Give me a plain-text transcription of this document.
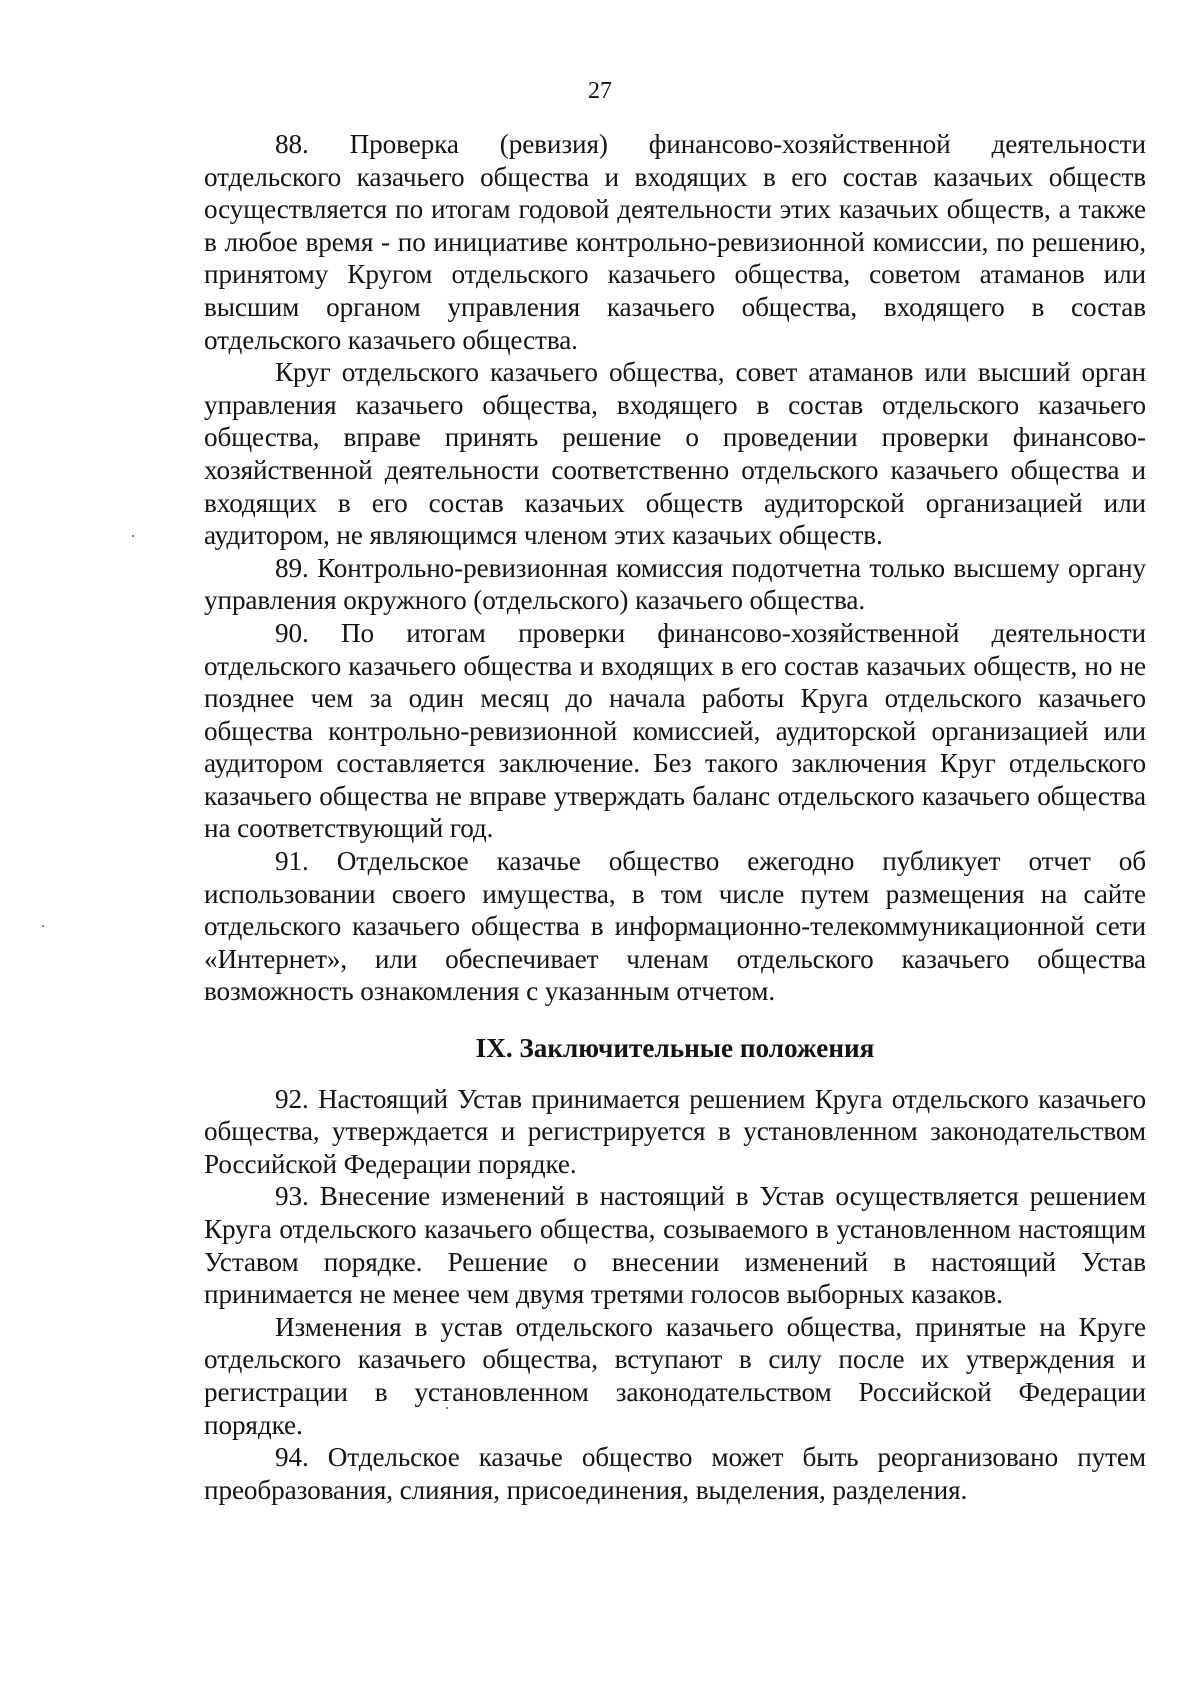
27

88. Проверка (ревизия) финансово-хозяйственной деятельности отдельского казачьего общества и входящих в его состав казачьих обществ осуществляется по итогам годовой деятельности этих казачьих обществ, а также в любое время - по инициативе контрольно-ревизионной комиссии, по решению, принятому Кругом отдельского казачьего общества, советом атаманов или высшим органом управления казачьего общества, входящего в состав отдельского казачьего общества.

Круг отдельского казачьего общества, совет атаманов или высший орган управления казачьего общества, входящего в состав отдельского казачьего общества, вправе принять решение о проведении проверки финансово-хозяйственной деятельности соответственно отдельского казачьего общества и входящих в его состав казачьих обществ аудиторской организацией или аудитором, не являющимся членом этих казачьих обществ.

89. Контрольно-ревизионная комиссия подотчетна только высшему органу управления окружного (отдельского) казачьего общества.

90. По итогам проверки финансово-хозяйственной деятельности отдельского казачьего общества и входящих в его состав казачьих обществ, но не позднее чем за один месяц до начала работы Круга отдельского казачьего общества контрольно-ревизионной комиссией, аудиторской организацией или аудитором составляется заключение. Без такого заключения Круг отдельского казачьего общества не вправе утверждать баланс отдельского казачьего общества на соответствующий год.

91. Отдельское казачье общество ежегодно публикует отчет об использовании своего имущества, в том числе путем размещения на сайте отдельского казачьего общества в информационно-телекоммуникационной сети «Интернет», или обеспечивает членам отдельского казачьего общества возможность ознакомления с указанным отчетом.

IX. Заключительные положения

92. Настоящий Устав принимается решением Круга отдельского казачьего общества, утверждается и регистрируется в установленном законодательством Российской Федерации порядке.

93. Внесение изменений в настоящий в Устав осуществляется решением Круга отдельского казачьего общества, созываемого в установленном настоящим Уставом порядке. Решение о внесении изменений в настоящий Устав принимается не менее чем двумя третями голосов выборных казаков.

Изменения в устав отдельского казачьего общества, принятые на Круге отдельского казачьего общества, вступают в силу после их утверждения и регистрации в установленном законодательством Российской Федерации порядке.

94. Отдельское казачье общество может быть реорганизовано путем преобразования, слияния, присоединения, выделения, разделения.
